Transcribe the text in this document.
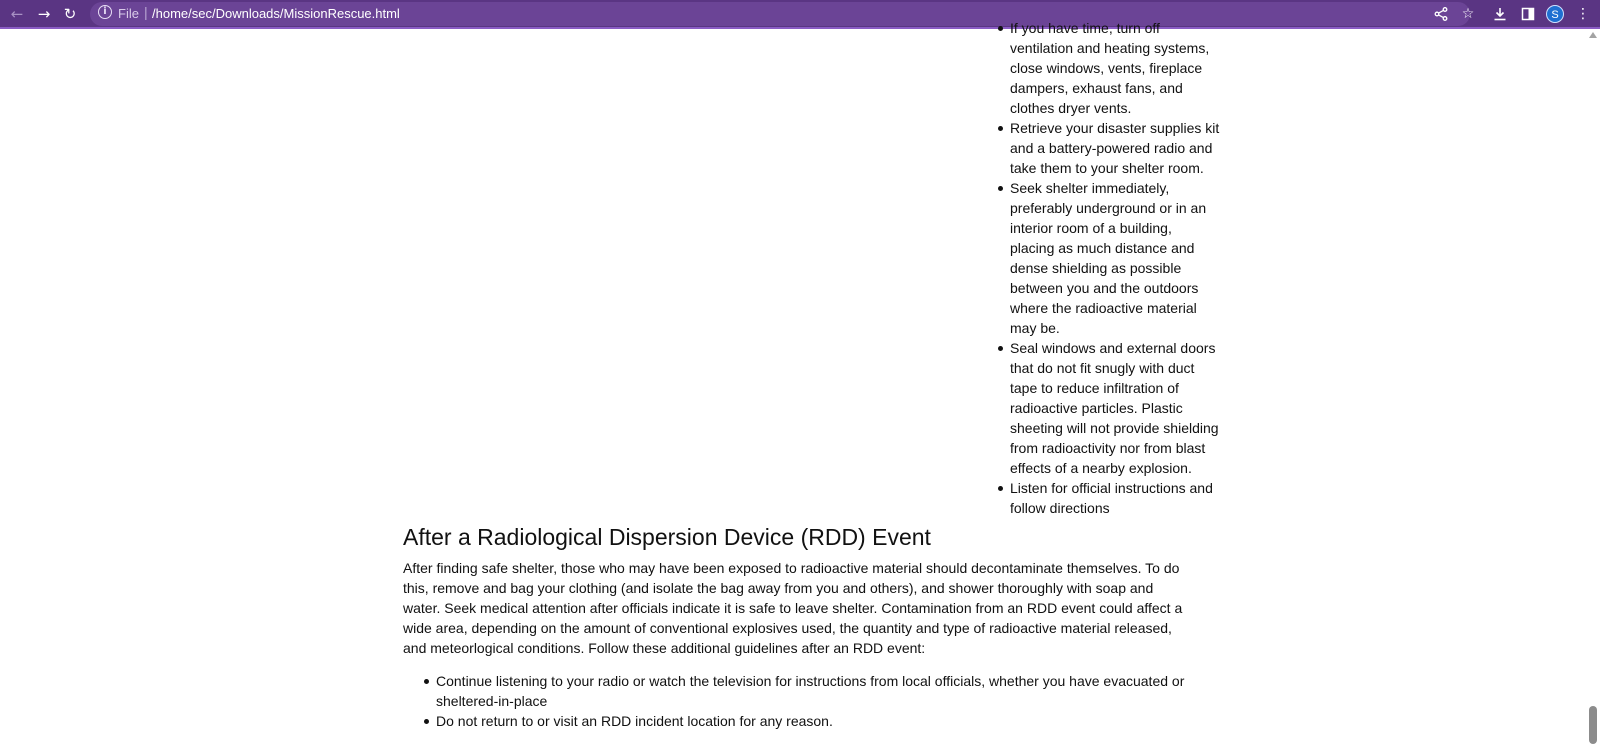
← → ↻	i File | /home/sec/Downloads/MissionRescue.html	☆	S	⋮
If you have time, turn off ventilation and heating systems, close windows, vents, fireplace dampers, exhaust fans, and clothes dryer vents.
Retrieve your disaster supplies kit and a battery-powered radio and take them to your shelter room.
Seek shelter immediately, preferably underground or in an interior room of a building, placing as much distance and dense shielding as possible between you and the outdoors where the radioactive material may be.
Seal windows and external doors that do not fit snugly with duct tape to reduce infiltration of radioactive particles. Plastic sheeting will not provide shielding from radioactivity nor from blast effects of a nearby explosion.
Listen for official instructions and follow directions
After a Radiological Dispersion Device (RDD) Event

After finding safe shelter, those who may have been exposed to radioactive material should decontaminate themselves. To do this, remove and bag your clothing (and isolate the bag away from you and others), and shower thoroughly with soap and water. Seek medical attention after officials indicate it is safe to leave shelter. Contamination from an RDD event could affect a wide area, depending on the amount of conventional explosives used, the quantity and type of radioactive material released, and meteorlogical conditions. Follow these additional guidelines after an RDD event:

Continue listening to your radio or watch the television for instructions from local officials, whether you have evacuated or sheltered-in-place
Do not return to or visit an RDD incident location for any reason.
